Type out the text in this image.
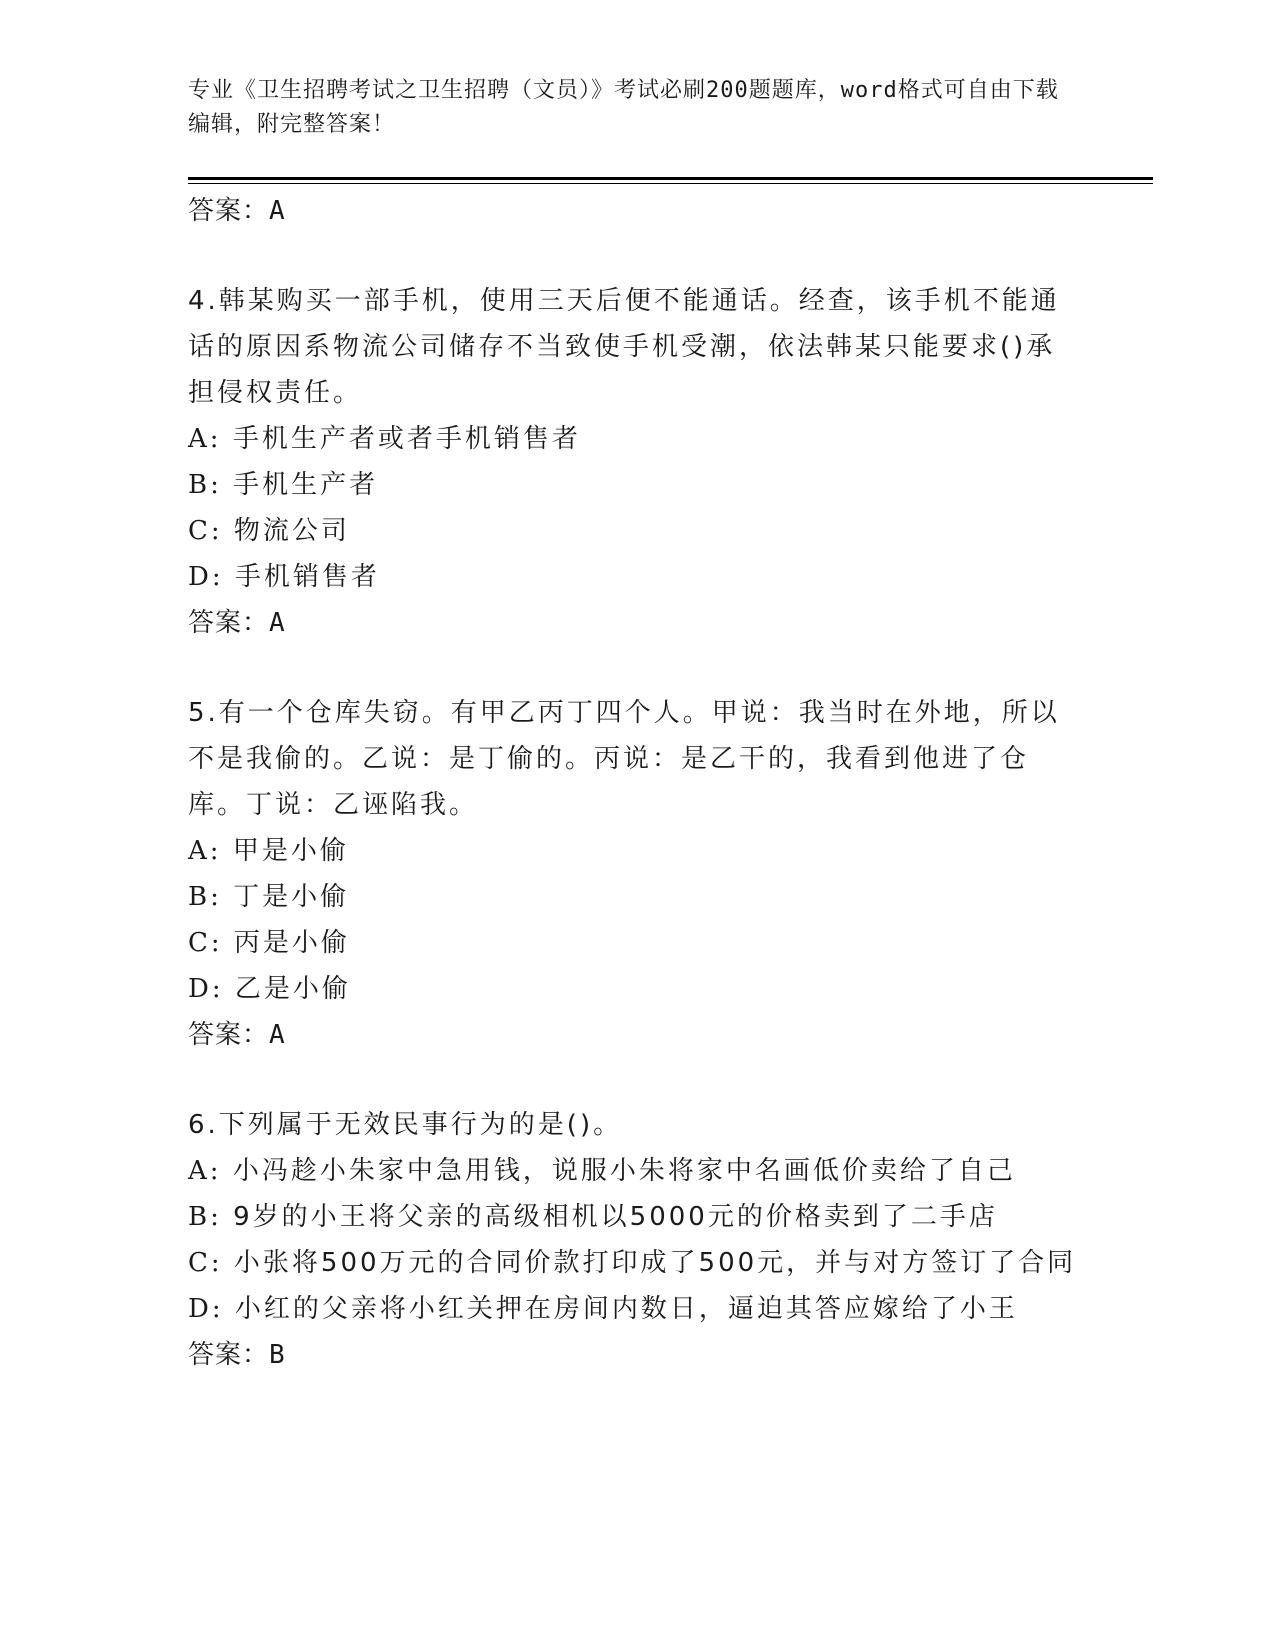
专业《卫生招聘考试之卫生招聘（文员）》考试必刷200题题库，word格式可自由下载编辑，附完整答案！
答案：A
4.韩某购买一部手机，使用三天后便不能通话。经查，该手机不能通话的原因系物流公司储存不当致使手机受潮，依法韩某只能要求()承担侵权责任。
A: 手机生产者或者手机销售者
B: 手机生产者
C: 物流公司
D: 手机销售者
答案：A
5.有一个仓库失窃。有甲乙丙丁四个人。甲说：我当时在外地，所以不是我偷的。乙说：是丁偷的。丙说：是乙干的，我看到他进了仓库。丁说：乙诬陷我。
A: 甲是小偷
B: 丁是小偷
C: 丙是小偷
D: 乙是小偷
答案：A
6.下列属于无效民事行为的是()。
A: 小冯趁小朱家中急用钱，说服小朱将家中名画低价卖给了自己
B: 9岁的小王将父亲的高级相机以5000元的价格卖到了二手店
C: 小张将500万元的合同价款打印成了500元，并与对方签订了合同
D: 小红的父亲将小红关押在房间内数日，逼迫其答应嫁给了小王
答案：B
